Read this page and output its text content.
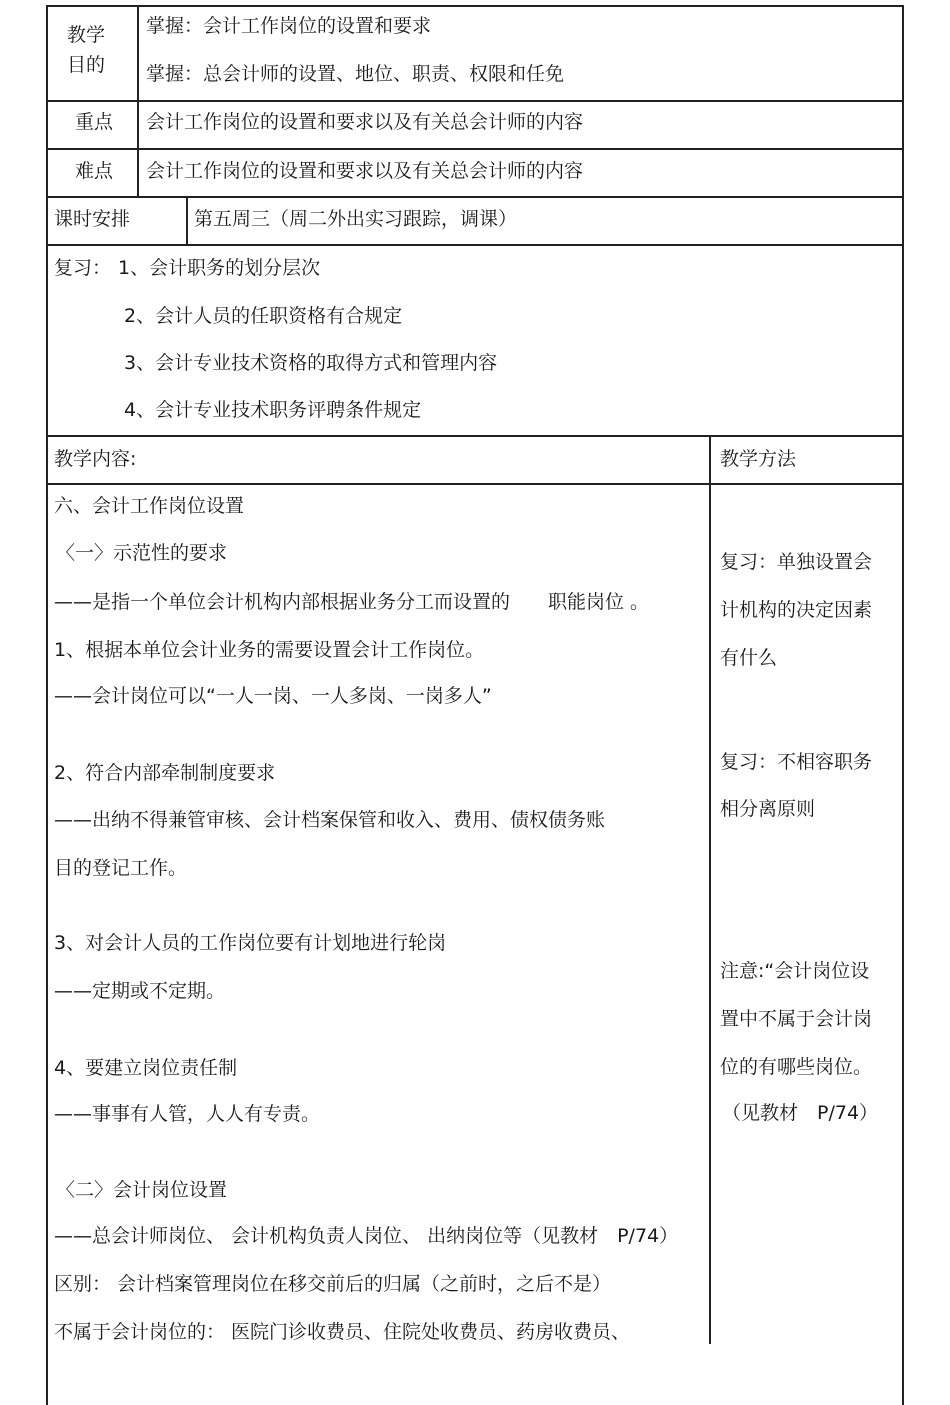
教学
目的
掌握：会计工作岗位的设置和要求
掌握：总会计师的设置、地位、职责、权限和任免
重点 会计工作岗位的设置和要求以及有关总会计师的内容
难点 会计工作岗位的设置和要求以及有关总会计师的内容
课时安排	第五周三（周二外出实习跟踪，调课）
复习： 1、会计职务的划分层次
2、会计人员的任职资格有合规定
3、会计专业技术资格的取得方式和管理内容
4、会计专业技术职务评聘条件规定
教学内容:	教学方法
六、会计工作岗位设置
〈一〉示范性的要求
——是指一个单位会计机构内部根据业务分工而设置的　　职能岗位 。
1、根据本单位会计业务的需要设置会计工作岗位。
——会计岗位可以“一人一岗、一人多岗、一岗多人”
2、符合内部牵制制度要求
——出纳不得兼管审核、会计档案保管和收入、费用、债权债务账
目的登记工作。
3、对会计人员的工作岗位要有计划地进行轮岗
——定期或不定期。
4、要建立岗位责任制
——事事有人管，人人有专责。
〈二〉会计岗位设置
——总会计师岗位、 会计机构负责人岗位、 出纳岗位等（见教材　P/74）
区别： 会计档案管理岗位在移交前后的归属（之前时，之后不是）
不属于会计岗位的： 医院门诊收费员、住院处收费员、药房收费员、
复习：单独设置会
计机构的决定因素
有什么
复习：不相容职务
相分离原则
注意:“会计岗位设
置中不属于会计岗
位的有哪些岗位。
（见教材　P/74）
